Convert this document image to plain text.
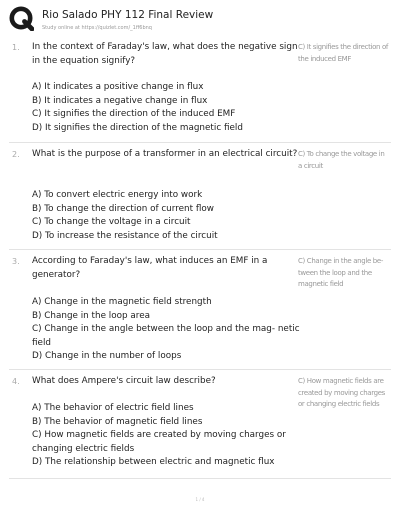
Rio Salado PHY 112 Final Review
Study online at https://quizlet.com/_1ff6bnq
1. In the context of Faraday's law, what does the negative sign in the equation signify?
A) It indicates a positive change in flux
B) It indicates a negative change in flux
C) It signifies the direction of the induced EMF
D) It signifies the direction of the magnetic field
C) It signifies the direction of the induced EMF
2. What is the purpose of a transformer in an electrical circuit?
A) To convert electric energy into work
B) To change the direction of current flow
C) To change the voltage in a circuit
D) To increase the resistance of the circuit
C) To change the voltage in a circuit
3. According to Faraday's law, what induces an EMF in a generator?
A) Change in the magnetic field strength
B) Change in the loop area
C) Change in the angle between the loop and the mag- netic field
D) Change in the number of loops
C) Change in the angle be- tween the loop and the magnetic field
4. What does Ampere's circuit law describe?
A) The behavior of electric field lines
B) The behavior of magnetic field lines
C) How magnetic fields are created by moving charges or changing electric fields
D) The relationship between electric and magnetic flux
C) How magnetic fields are created by moving charges or changing electric fields
1 / 4
